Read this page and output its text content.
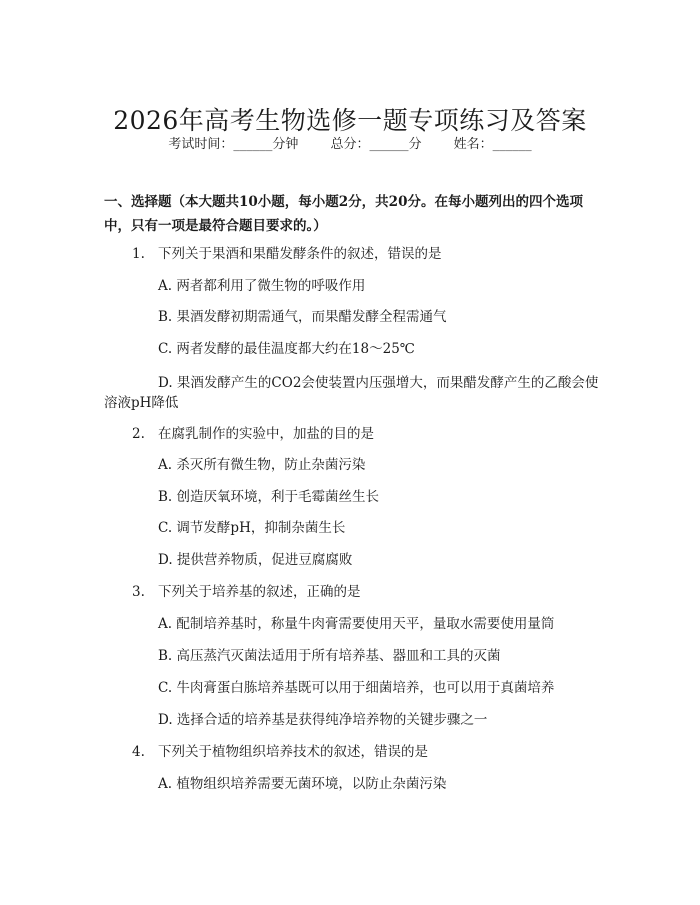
2026年高考生物选修一题专项练习及答案
考试时间：______分钟 总分：______分 姓名：______
一、选择题（本大题共10小题，每小题2分，共20分。在每小题列出的四个选项中，只有一项是最符合题目要求的。）
1. 下列关于果酒和果醋发酵条件的叙述，错误的是
A. 两者都利用了微生物的呼吸作用
B. 果酒发酵初期需通气，而果醋发酵全程需通气
C. 两者发酵的最佳温度都大约在18～25℃
D. 果酒发酵产生的CO2会使装置内压强增大，而果醋发酵产生的乙酸会使溶液pH降低
2. 在腐乳制作的实验中，加盐的目的是
A. 杀灭所有微生物，防止杂菌污染
B. 创造厌氧环境，利于毛霉菌丝生长
C. 调节发酵pH，抑制杂菌生长
D. 提供营养物质，促进豆腐腐败
3. 下列关于培养基的叙述，正确的是
A. 配制培养基时，称量牛肉膏需要使用天平，量取水需要使用量筒
B. 高压蒸汽灭菌法适用于所有培养基、器皿和工具的灭菌
C. 牛肉膏蛋白胨培养基既可以用于细菌培养，也可以用于真菌培养
D. 选择合适的培养基是获得纯净培养物的关键步骤之一
4. 下列关于植物组织培养技术的叙述，错误的是
A. 植物组织培养需要无菌环境，以防止杂菌污染
